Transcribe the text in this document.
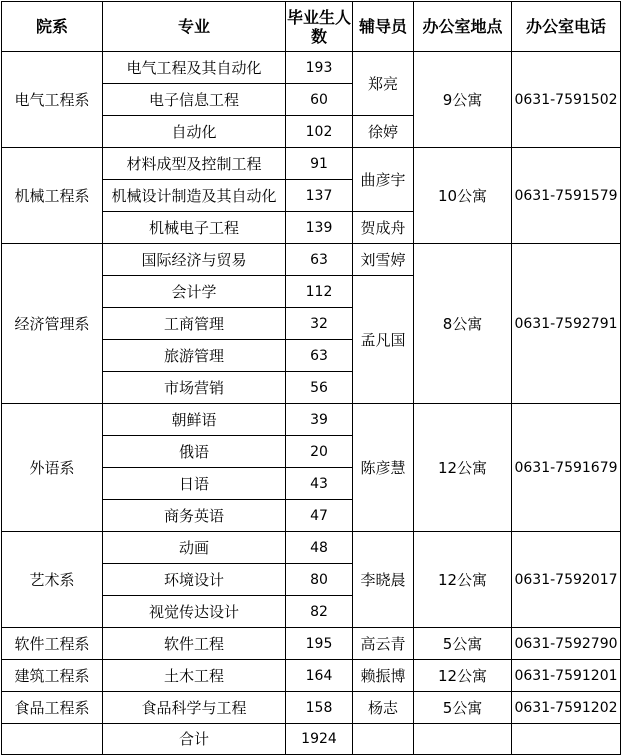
院系	专业	毕业生人数	辅导员	办公室地点	办公室电话
电气工程系	电气工程及其自动化	193	郑亮	9公寓	0631-7591502
	电子信息工程	60			
	自动化	102	徐婷		
机械工程系	材料成型及控制工程	91	曲彦宇	10公寓	0631-7591579
	机械设计制造及其自动化	137			
	机械电子工程	139	贺成舟		
经济管理系	国际经济与贸易	63	刘雪婷	8公寓	0631-7592791
	会计学	112	孟凡国		
	工商管理	32			
	旅游管理	63			
	市场营销	56			
外语系	朝鲜语	39	陈彦慧	12公寓	0631-7591679
	俄语	20			
	日语	43			
	商务英语	47			
艺术系	动画	48	李晓晨	12公寓	0631-7592017
	环境设计	80			
	视觉传达设计	82			
软件工程系	软件工程	195	高云青	5公寓	0631-7592790
建筑工程系	土木工程	164	赖振博	12公寓	0631-7591201
食品工程系	食品科学与工程	158	杨志	5公寓	0631-7591202
	合计	1924			
